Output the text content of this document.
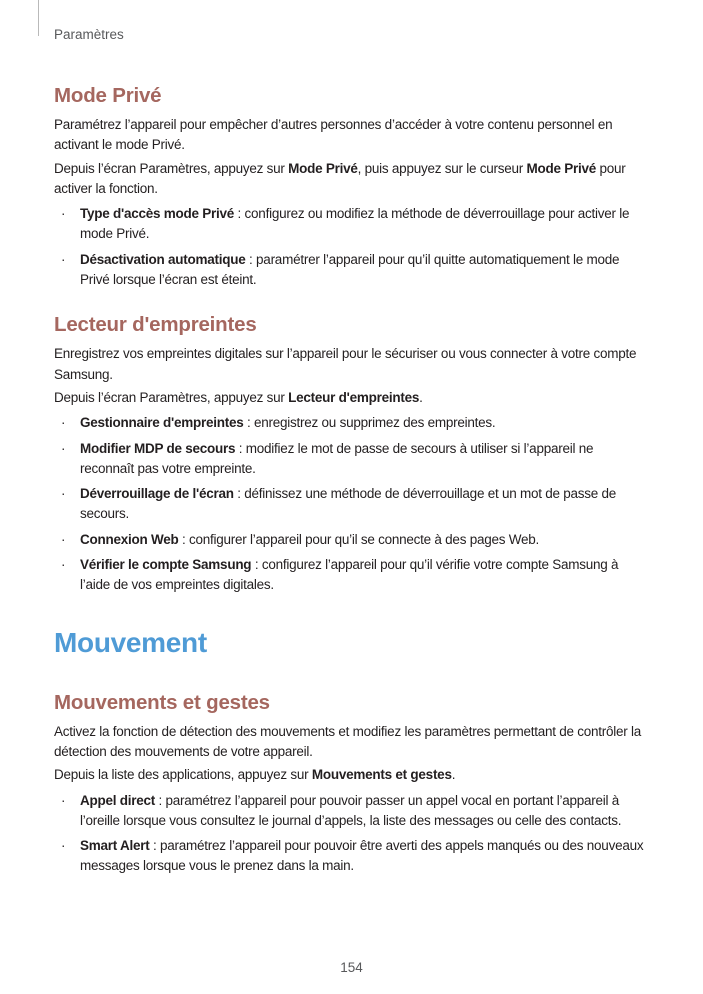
Paramètres
Mode Privé

Paramétrez l’appareil pour empêcher d’autres personnes d’accéder à votre contenu personnel en activant le mode Privé.

Depuis l’écran Paramètres, appuyez sur Mode Privé, puis appuyez sur le curseur Mode Privé pour activer la fonction.

· Type d'accès mode Privé : configurez ou modifiez la méthode de déverrouillage pour activer le mode Privé.
· Désactivation automatique : paramétrer l’appareil pour qu’il quitte automatiquement le mode Privé lorsque l’écran est éteint.
Lecteur d'empreintes

Enregistrez vos empreintes digitales sur l’appareil pour le sécuriser ou vous connecter à votre compte Samsung.

Depuis l’écran Paramètres, appuyez sur Lecteur d'empreintes.

· Gestionnaire d'empreintes : enregistrez ou supprimez des empreintes.
· Modifier MDP de secours : modifiez le mot de passe de secours à utiliser si l’appareil ne reconnaît pas votre empreinte.
· Déverrouillage de l'écran : définissez une méthode de déverrouillage et un mot de passe de secours.
· Connexion Web : configurer l’appareil pour qu’il se connecte à des pages Web.
· Vérifier le compte Samsung : configurez l’appareil pour qu’il vérifie votre compte Samsung à l’aide de vos empreintes digitales.
Mouvement
Mouvements et gestes

Activez la fonction de détection des mouvements et modifiez les paramètres permettant de contrôler la détection des mouvements de votre appareil.

Depuis la liste des applications, appuyez sur Mouvements et gestes.

· Appel direct : paramétrez l’appareil pour pouvoir passer un appel vocal en portant l’appareil à l’oreille lorsque vous consultez le journal d’appels, la liste des messages ou celle des contacts.
· Smart Alert : paramétrez l’appareil pour pouvoir être averti des appels manqués ou des nouveaux messages lorsque vous le prenez dans la main.
154
